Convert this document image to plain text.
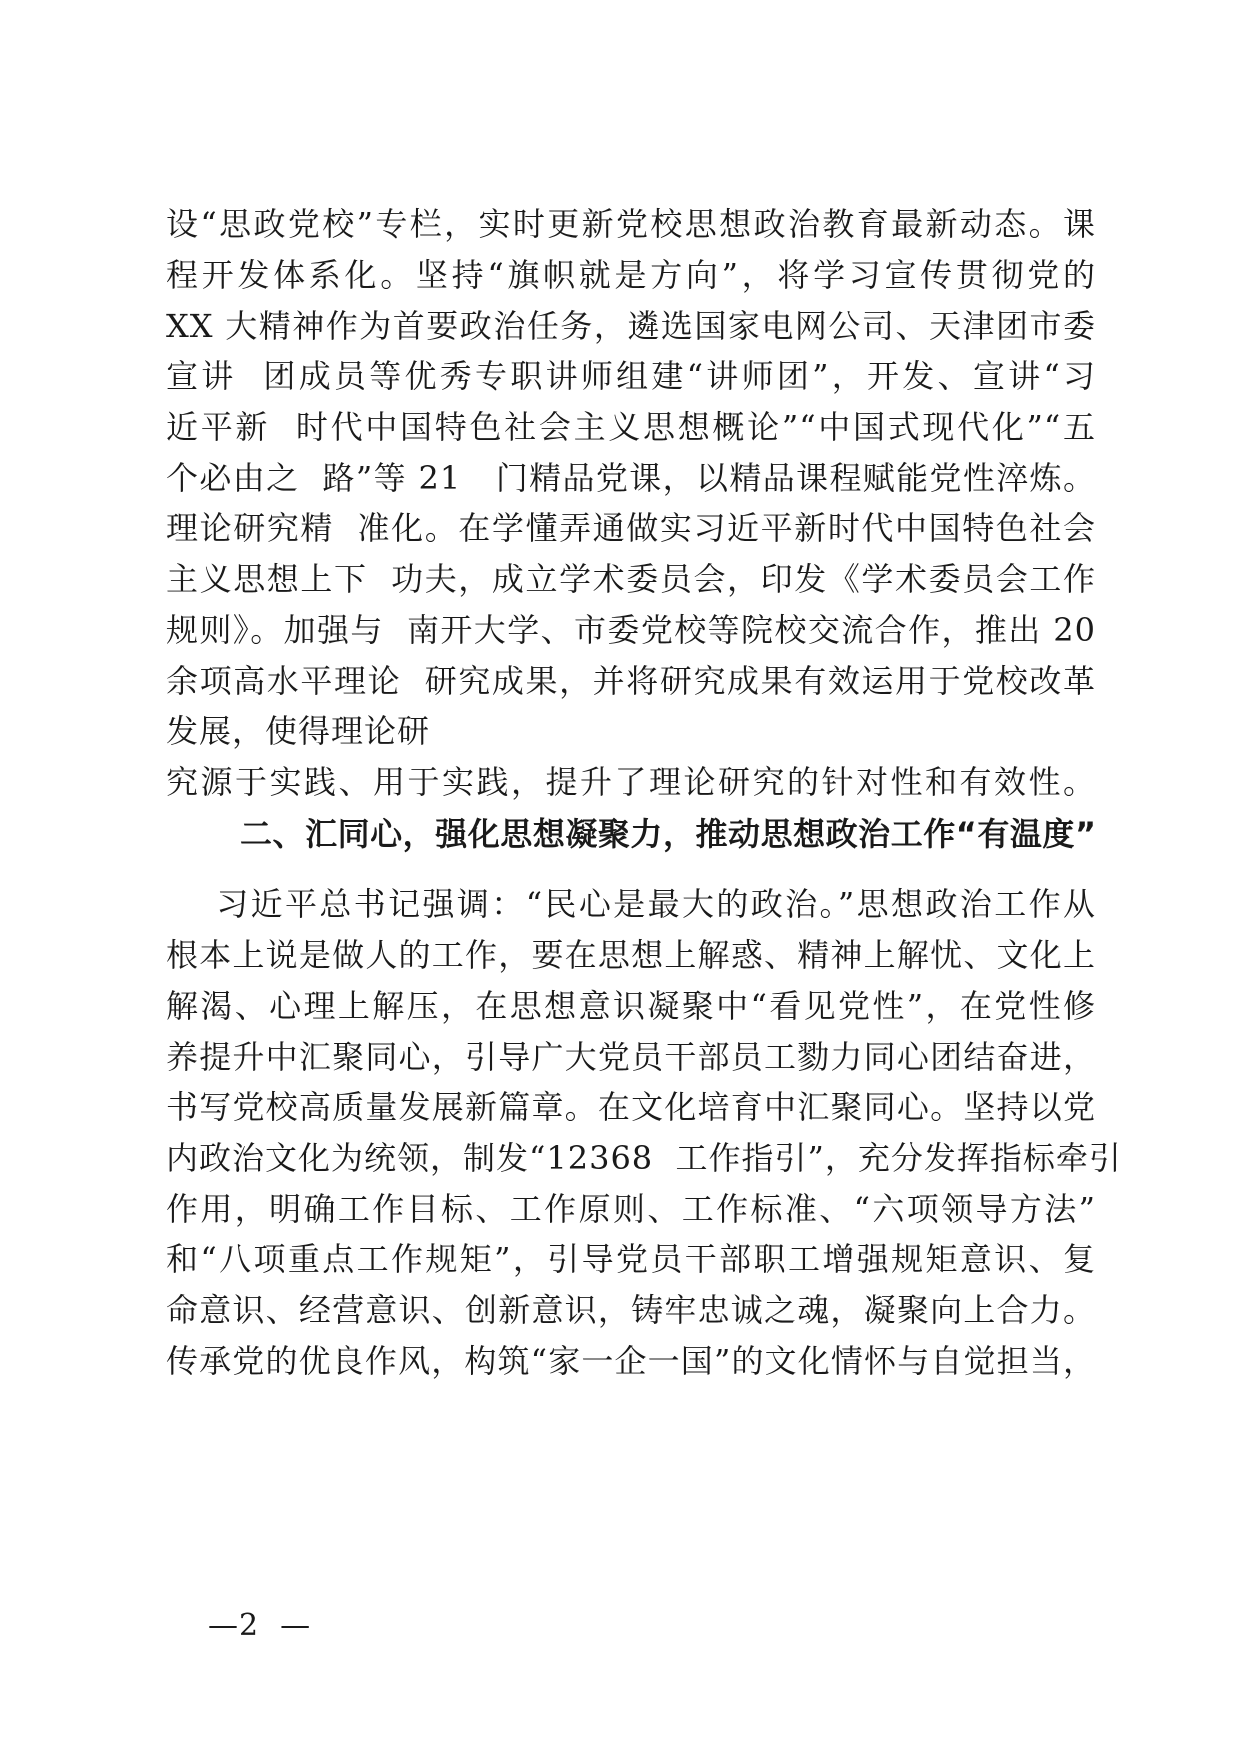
设“思政党校”专栏，实时更新党校思想政治教育最新动态。课
程开发体系化。坚持“旗帜就是方向”，将学习宣传贯彻党的
XX 大精神作为首要政治任务，遴选国家电网公司、天津团市委
宣讲  团成员等优秀专职讲师组建“讲师团”，开发、宣讲“习
近平新  时代中国特色社会主义思想概论”“中国式现代化”“五
个必由之  路”等 21   门精品党课，以精品课程赋能党性淬炼。
理论研究精  准化。在学懂弄通做实习近平新时代中国特色社会
主义思想上下  功夫，成立学术委员会，印发《学术委员会工作
规则》。加强与  南开大学、市委党校等院校交流合作，推出 20
余项高水平理论  研究成果，并将研究成果有效运用于党校改革
发展，使得理论研
究源于实践、用于实践，提升了理论研究的针对性和有效性。
二、汇同心，强化思想凝聚力，推动思想政治工作“有温度”
习近平总书记强调：“民心是最大的政治。”思想政治工作从
根本上说是做人的工作，要在思想上解惑、精神上解忧、文化上
解渴、心理上解压，在思想意识凝聚中“看见党性”，在党性修
养提升中汇聚同心，引导广大党员干部员工勠力同心团结奋进，
书写党校高质量发展新篇章。在文化培育中汇聚同心。坚持以党
内政治文化为统领，制发“12368  工作指引”，充分发挥指标牵引
作用，明确工作目标、工作原则、工作标准、“六项领导方法”
和“八项重点工作规矩”，引导党员干部职工增强规矩意识、复
命意识、经营意识、创新意识，铸牢忠诚之魂，凝聚向上合力。
传承党的优良作风，构筑“家一企一国”的文化情怀与自觉担当，
—2  —
